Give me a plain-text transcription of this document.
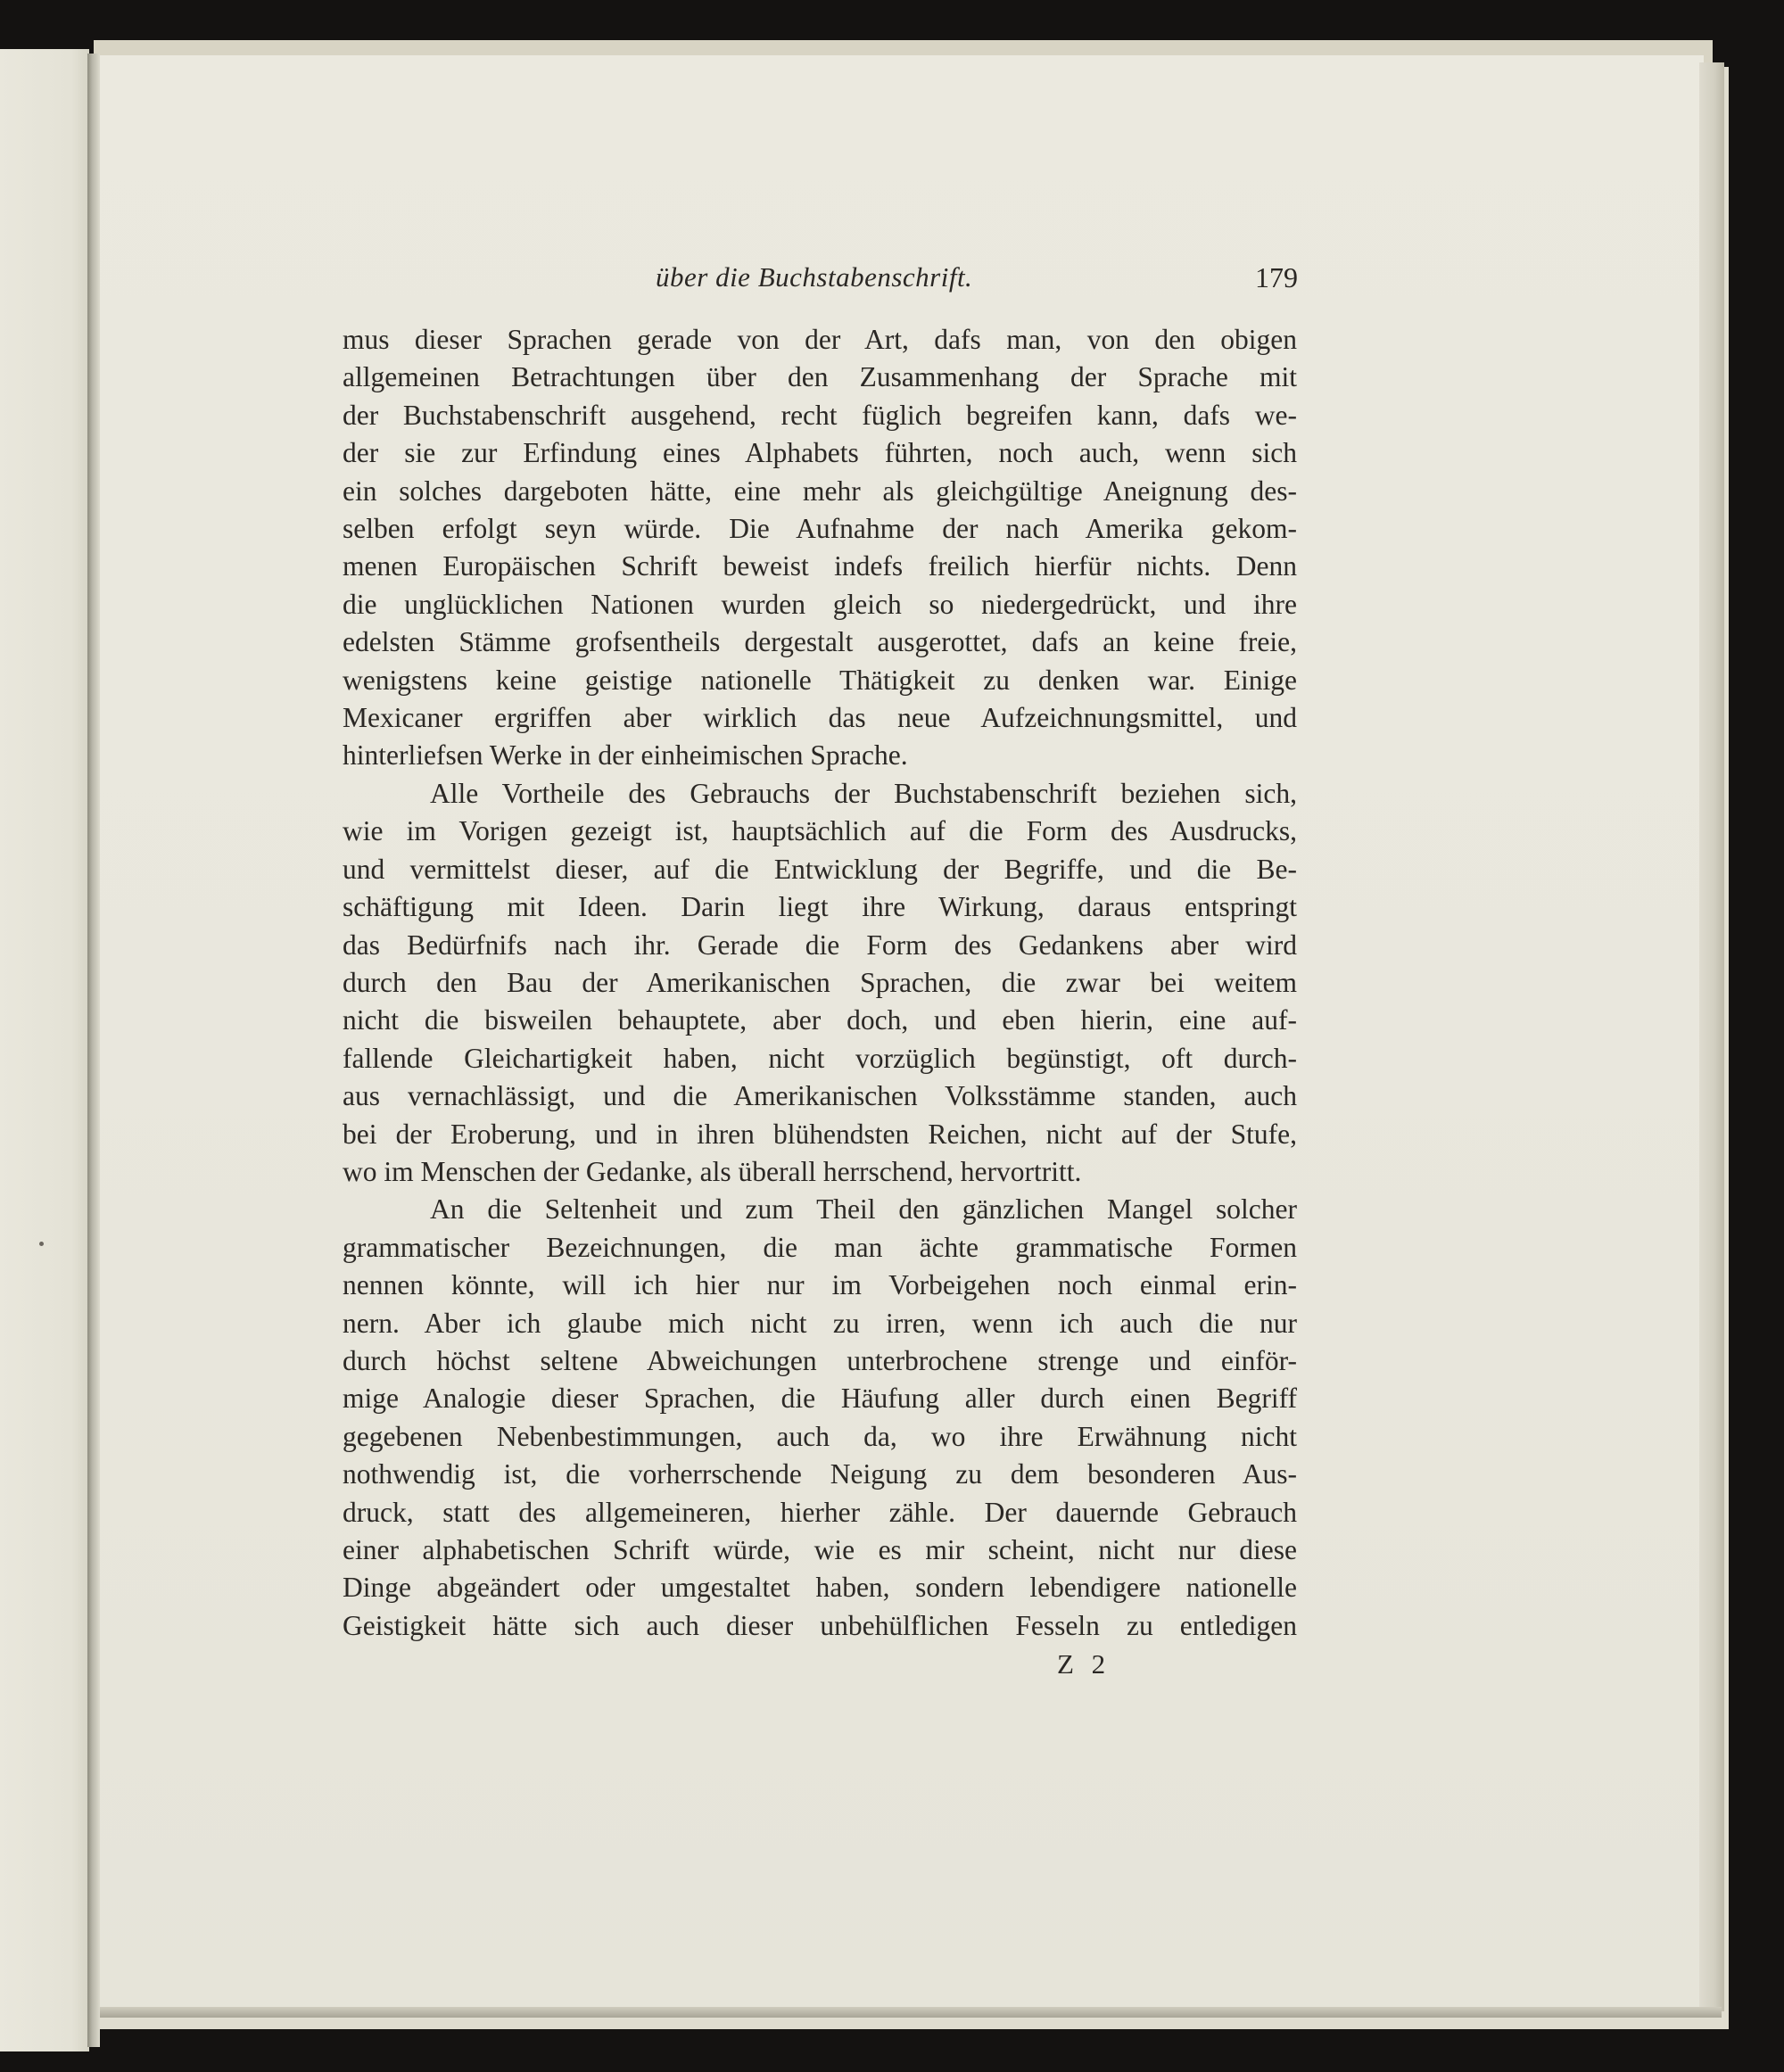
über die Buchstabenschrift.	179
mus dieser Sprachen gerade von der Art, dafs man, von den obigen
allgemeinen Betrachtungen über den Zusammenhang der Sprache mit
der Buchstabenschrift ausgehend, recht füglich begreifen kann, dafs we-
der sie zur Erfindung eines Alphabets führten, noch auch, wenn sich
ein solches dargeboten hätte, eine mehr als gleichgültige Aneignung des-
selben erfolgt seyn würde. Die Aufnahme der nach Amerika gekom-
menen Europäischen Schrift beweist indefs freilich hierfür nichts. Denn
die unglücklichen Nationen wurden gleich so niedergedrückt, und ihre
edelsten Stämme grofsentheils dergestalt ausgerottet, dafs an keine freie,
wenigstens keine geistige nationelle Thätigkeit zu denken war. Einige
Mexicaner ergriffen aber wirklich das neue Aufzeichnungsmittel, und
hinterliefsen Werke in der einheimischen Sprache.
Alle Vortheile des Gebrauchs der Buchstabenschrift beziehen sich,
wie im Vorigen gezeigt ist, hauptsächlich auf die Form des Ausdrucks,
und vermittelst dieser, auf die Entwicklung der Begriffe, und die Be-
schäftigung mit Ideen. Darin liegt ihre Wirkung, daraus entspringt
das Bedürfnifs nach ihr. Gerade die Form des Gedankens aber wird
durch den Bau der Amerikanischen Sprachen, die zwar bei weitem
nicht die bisweilen behauptete, aber doch, und eben hierin, eine auf-
fallende Gleichartigkeit haben, nicht vorzüglich begünstigt, oft durch-
aus vernachlässigt, und die Amerikanischen Volksstämme standen, auch
bei der Eroberung, und in ihren blühendsten Reichen, nicht auf der Stufe,
wo im Menschen der Gedanke, als überall herrschend, hervortritt.
An die Seltenheit und zum Theil den gänzlichen Mangel solcher
grammatischer Bezeichnungen, die man ächte grammatische Formen
nennen könnte, will ich hier nur im Vorbeigehen noch einmal erin-
nern. Aber ich glaube mich nicht zu irren, wenn ich auch die nur
durch höchst seltene Abweichungen unterbrochene strenge und einför-
mige Analogie dieser Sprachen, die Häufung aller durch einen Begriff
gegebenen Nebenbestimmungen, auch da, wo ihre Erwähnung nicht
nothwendig ist, die vorherrschende Neigung zu dem besonderen Aus-
druck, statt des allgemeineren, hierher zähle. Der dauernde Gebrauch
einer alphabetischen Schrift würde, wie es mir scheint, nicht nur diese
Dinge abgeändert oder umgestaltet haben, sondern lebendigere nationelle
Geistigkeit hätte sich auch dieser unbehülflichen Fesseln zu entledigen
Z 2
